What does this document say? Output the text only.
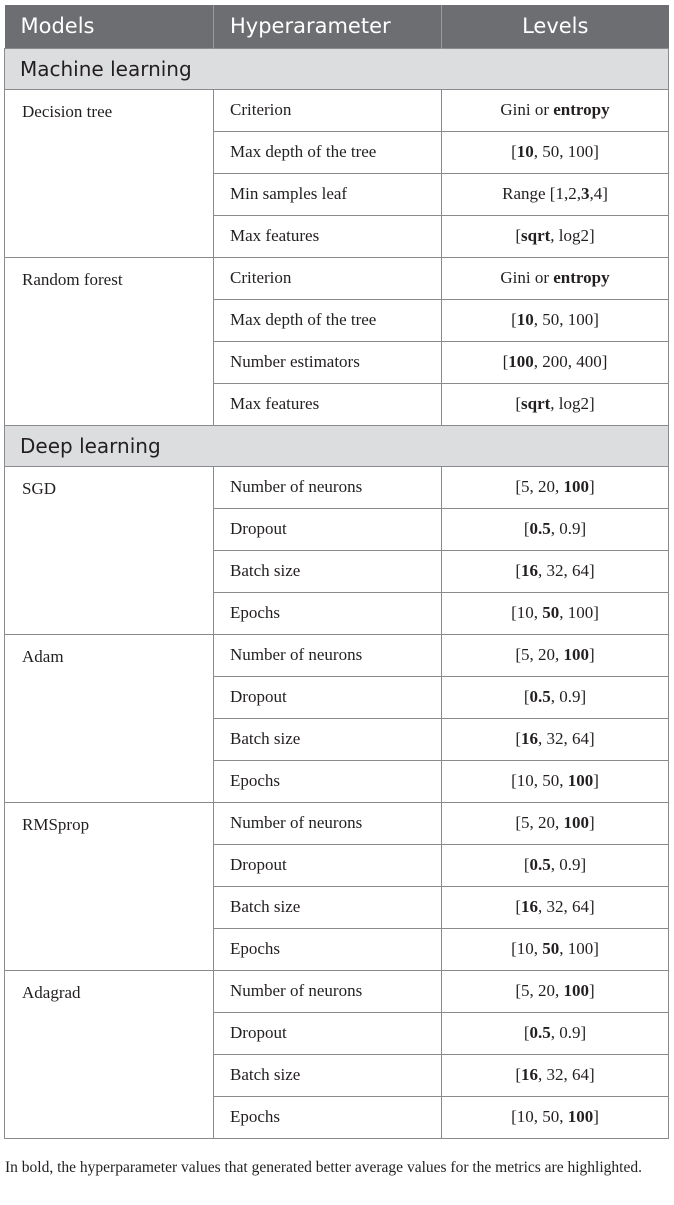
Models	Hyperarameter	Levels
Machine learning		
Decision tree	Criterion	Gini or entropy
	Max depth of the tree	[10, 50, 100]
	Min samples leaf	Range [1,2,3,4]
	Max features	[sqrt, log2]
Random forest	Criterion	Gini or entropy
	Max depth of the tree	[10, 50, 100]
	Number estimators	[100, 200, 400]
	Max features	[sqrt, log2]
Deep learning		
SGD	Number of neurons	[5, 20, 100]
	Dropout	[0.5, 0.9]
	Batch size	[16, 32, 64]
	Epochs	[10, 50, 100]
Adam	Number of neurons	[5, 20, 100]
	Dropout	[0.5, 0.9]
	Batch size	[16, 32, 64]
	Epochs	[10, 50, 100]
RMSprop	Number of neurons	[5, 20, 100]
	Dropout	[0.5, 0.9]
	Batch size	[16, 32, 64]
	Epochs	[10, 50, 100]
Adagrad	Number of neurons	[5, 20, 100]
	Dropout	[0.5, 0.9]
	Batch size	[16, 32, 64]
	Epochs	[10, 50, 100]

In bold, the hyperparameter values that generated better average values for the metrics are highlighted.
